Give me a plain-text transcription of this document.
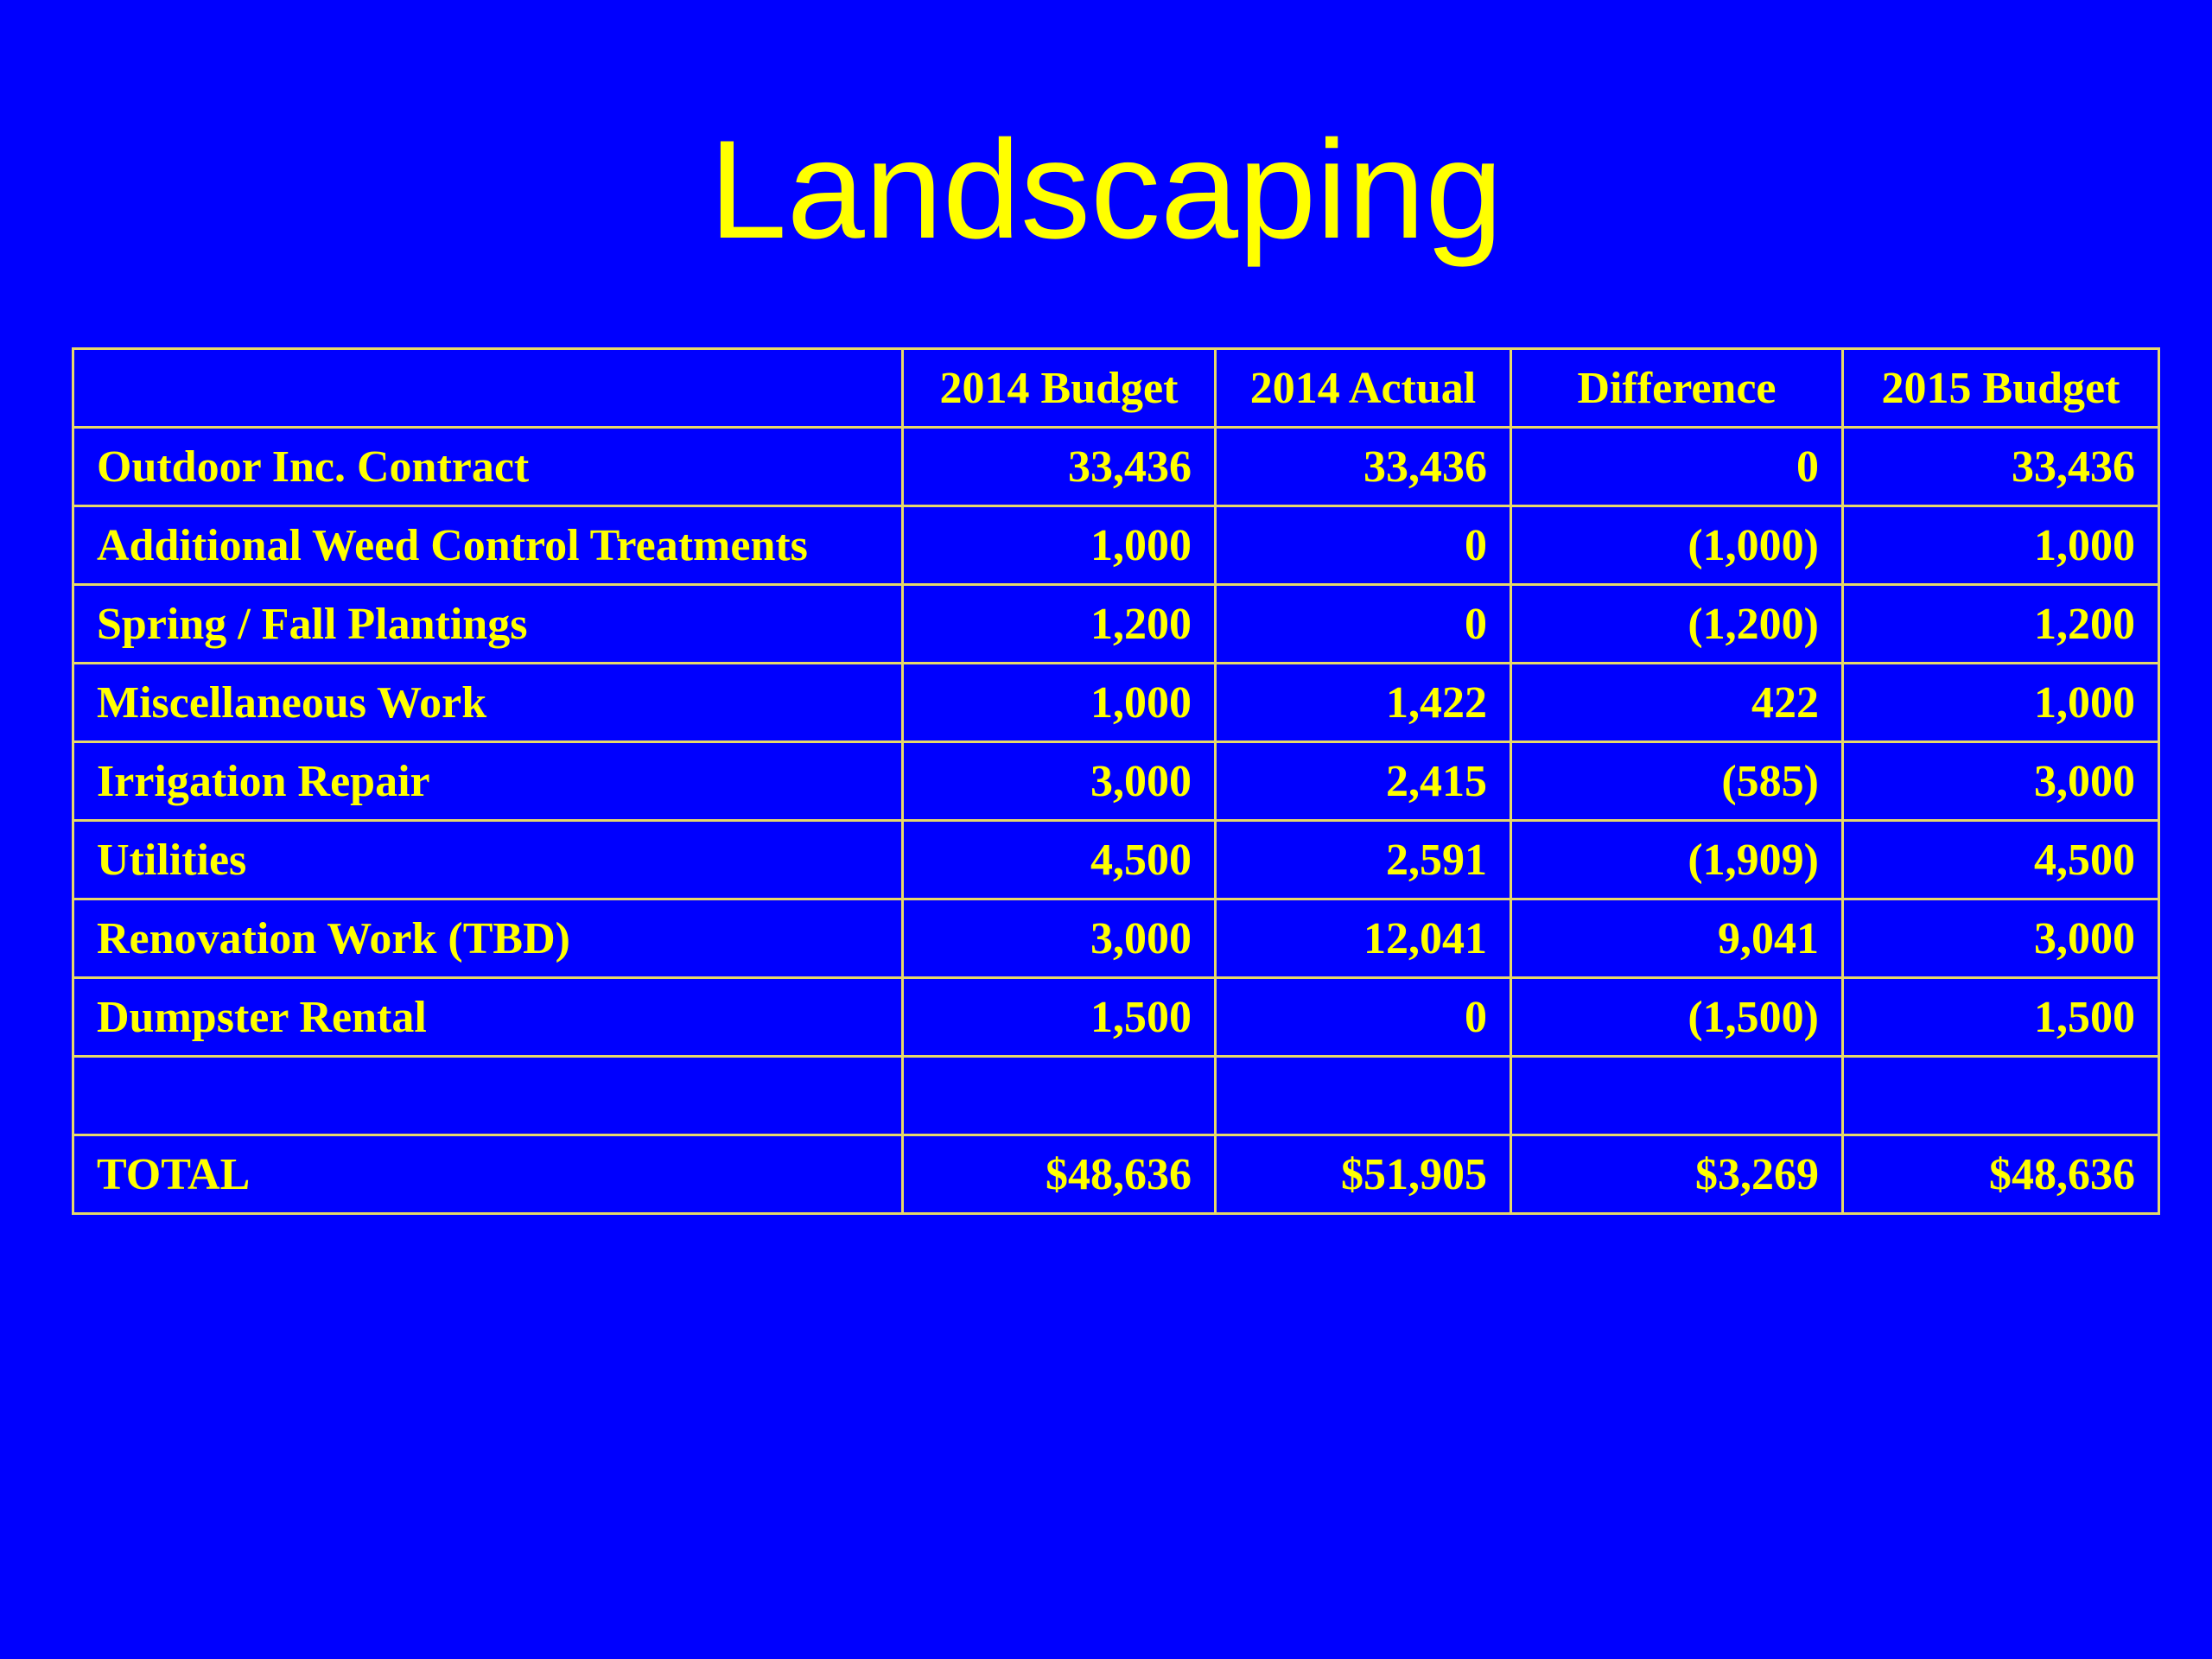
Landscaping
	2014 Budget	2014 Actual	Difference	2015 Budget
Outdoor Inc. Contract	33,436	33,436	0	33,436
Additional Weed Control Treatments	1,000	0	(1,000)	1,000
Spring / Fall Plantings	1,200	0	(1,200)	1,200
Miscellaneous Work	1,000	1,422	422	1,000
Irrigation Repair	3,000	2,415	(585)	3,000
Utilities	4,500	2,591	(1,909)	4,500
Renovation Work (TBD)	3,000	12,041	9,041	3,000
Dumpster Rental	1,500	0	(1,500)	1,500

TOTAL	$48,636	$51,905	$3,269	$48,636
